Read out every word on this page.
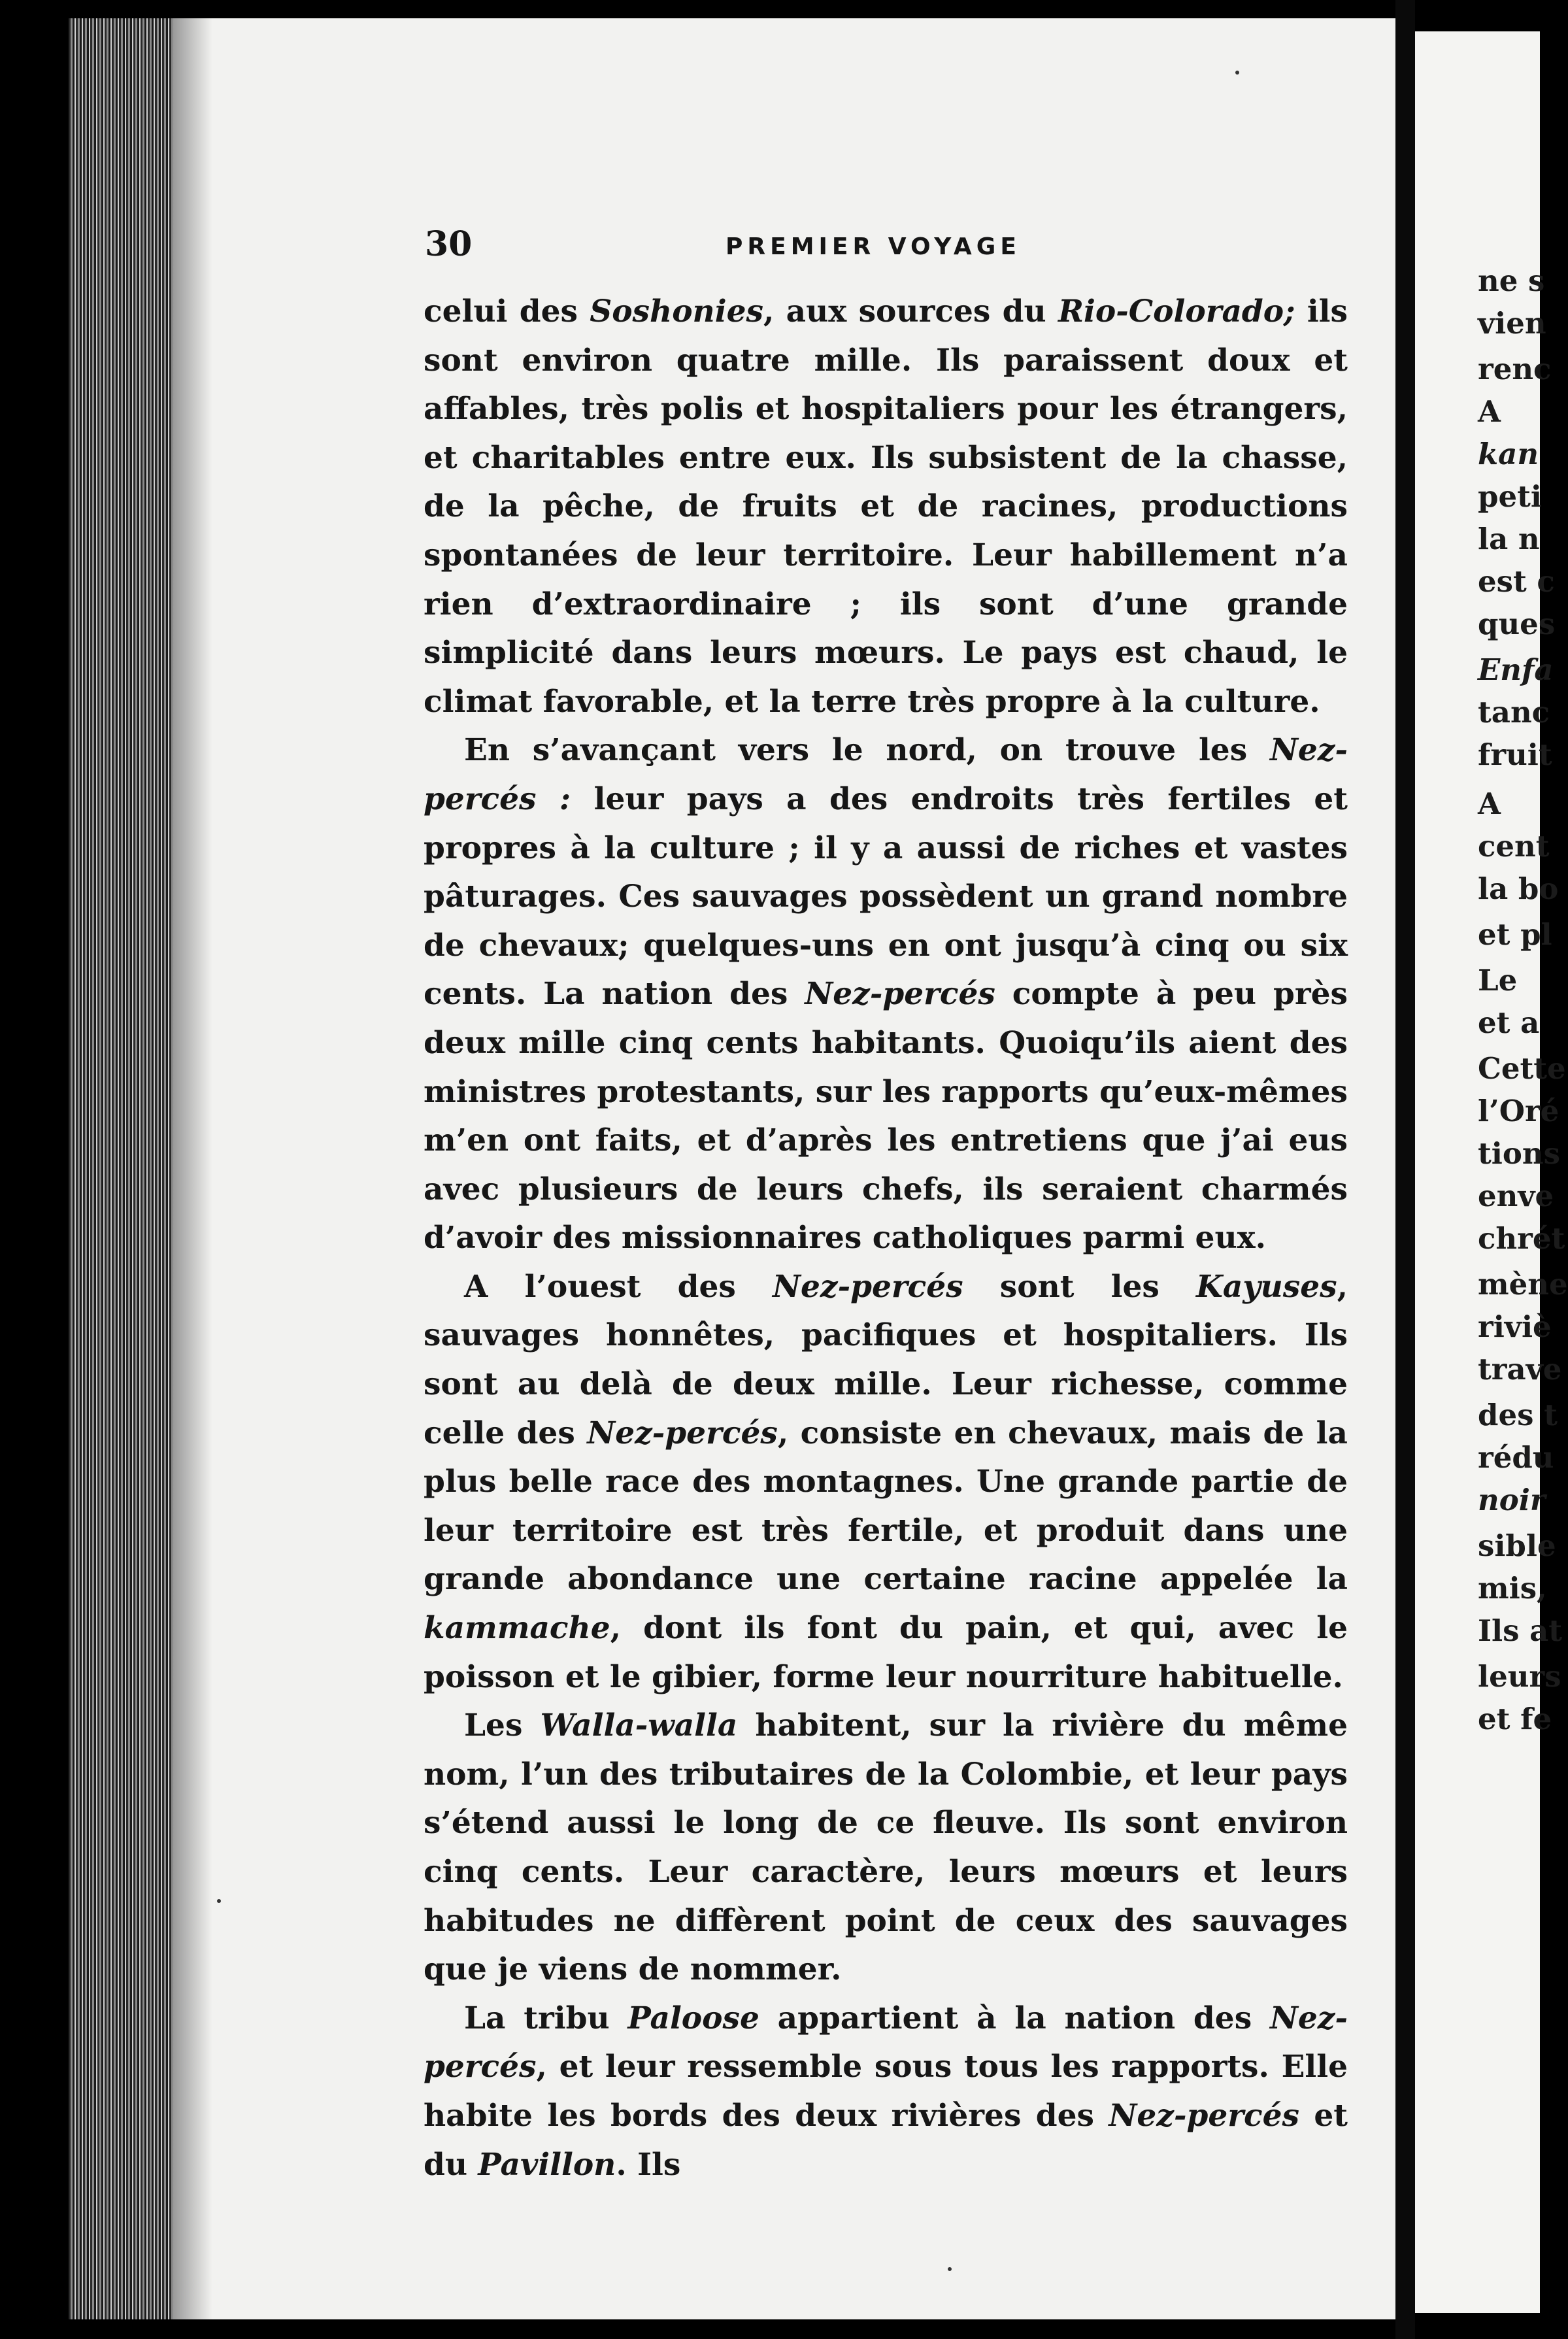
ne s
vien
renc
A
kan
peti
la n
est c
ques
Enfa
tanc
fruit
A
cent
la bo
et pl
Le
et a
Cette
l’Oré
tions
enve
chrét
mène
riviè
trave
des t
rédu
noir
sible
mis,
Ils at
leurs
et fe
30	PREMIER VOYAGE

celui des Soshonies, aux sources du Rio-Colorado; ils sont environ quatre mille. Ils paraissent doux et affables, très polis et hospitaliers pour les étrangers, et charitables entre eux. Ils subsistent de la chasse, de la pêche, de fruits et de racines, productions spontanées de leur territoire. Leur habillement n’a rien d’extraordinaire ; ils sont d’une grande simplicité dans leurs mœurs. Le pays est chaud, le climat favorable, et la terre très propre à la culture.

En s’avançant vers le nord, on trouve les Nez-percés : leur pays a des endroits très fertiles et propres à la culture ; il y a aussi de riches et vastes pâturages. Ces sauvages possèdent un grand nombre de chevaux; quelques-uns en ont jusqu’à cinq ou six cents. La nation des Nez-percés compte à peu près deux mille cinq cents habitants. Quoiqu’ils aient des ministres protestants, sur les rapports qu’eux-mêmes m’en ont faits, et d’après les entretiens que j’ai eus avec plusieurs de leurs chefs, ils seraient charmés d’avoir des missionnaires catholiques parmi eux.

A l’ouest des Nez-percés sont les Kayuses, sauvages honnêtes, pacifiques et hospitaliers. Ils sont au delà de deux mille. Leur richesse, comme celle des Nez-percés, consiste en chevaux, mais de la plus belle race des montagnes. Une grande partie de leur territoire est très fertile, et produit dans une grande abondance une certaine racine appelée la kammache, dont ils font du pain, et qui, avec le poisson et le gibier, forme leur nourriture habituelle.

Les Walla-walla habitent, sur la rivière du même nom, l’un des tributaires de la Colombie, et leur pays s’étend aussi le long de ce fleuve. Ils sont environ cinq cents. Leur caractère, leurs mœurs et leurs habitudes ne diffèrent point de ceux des sauvages que je viens de nommer.

La tribu Paloose appartient à la nation des Nez-percés, et leur ressemble sous tous les rapports. Elle habite les bords des deux rivières des Nez-percés et du Pavillon. Ils
